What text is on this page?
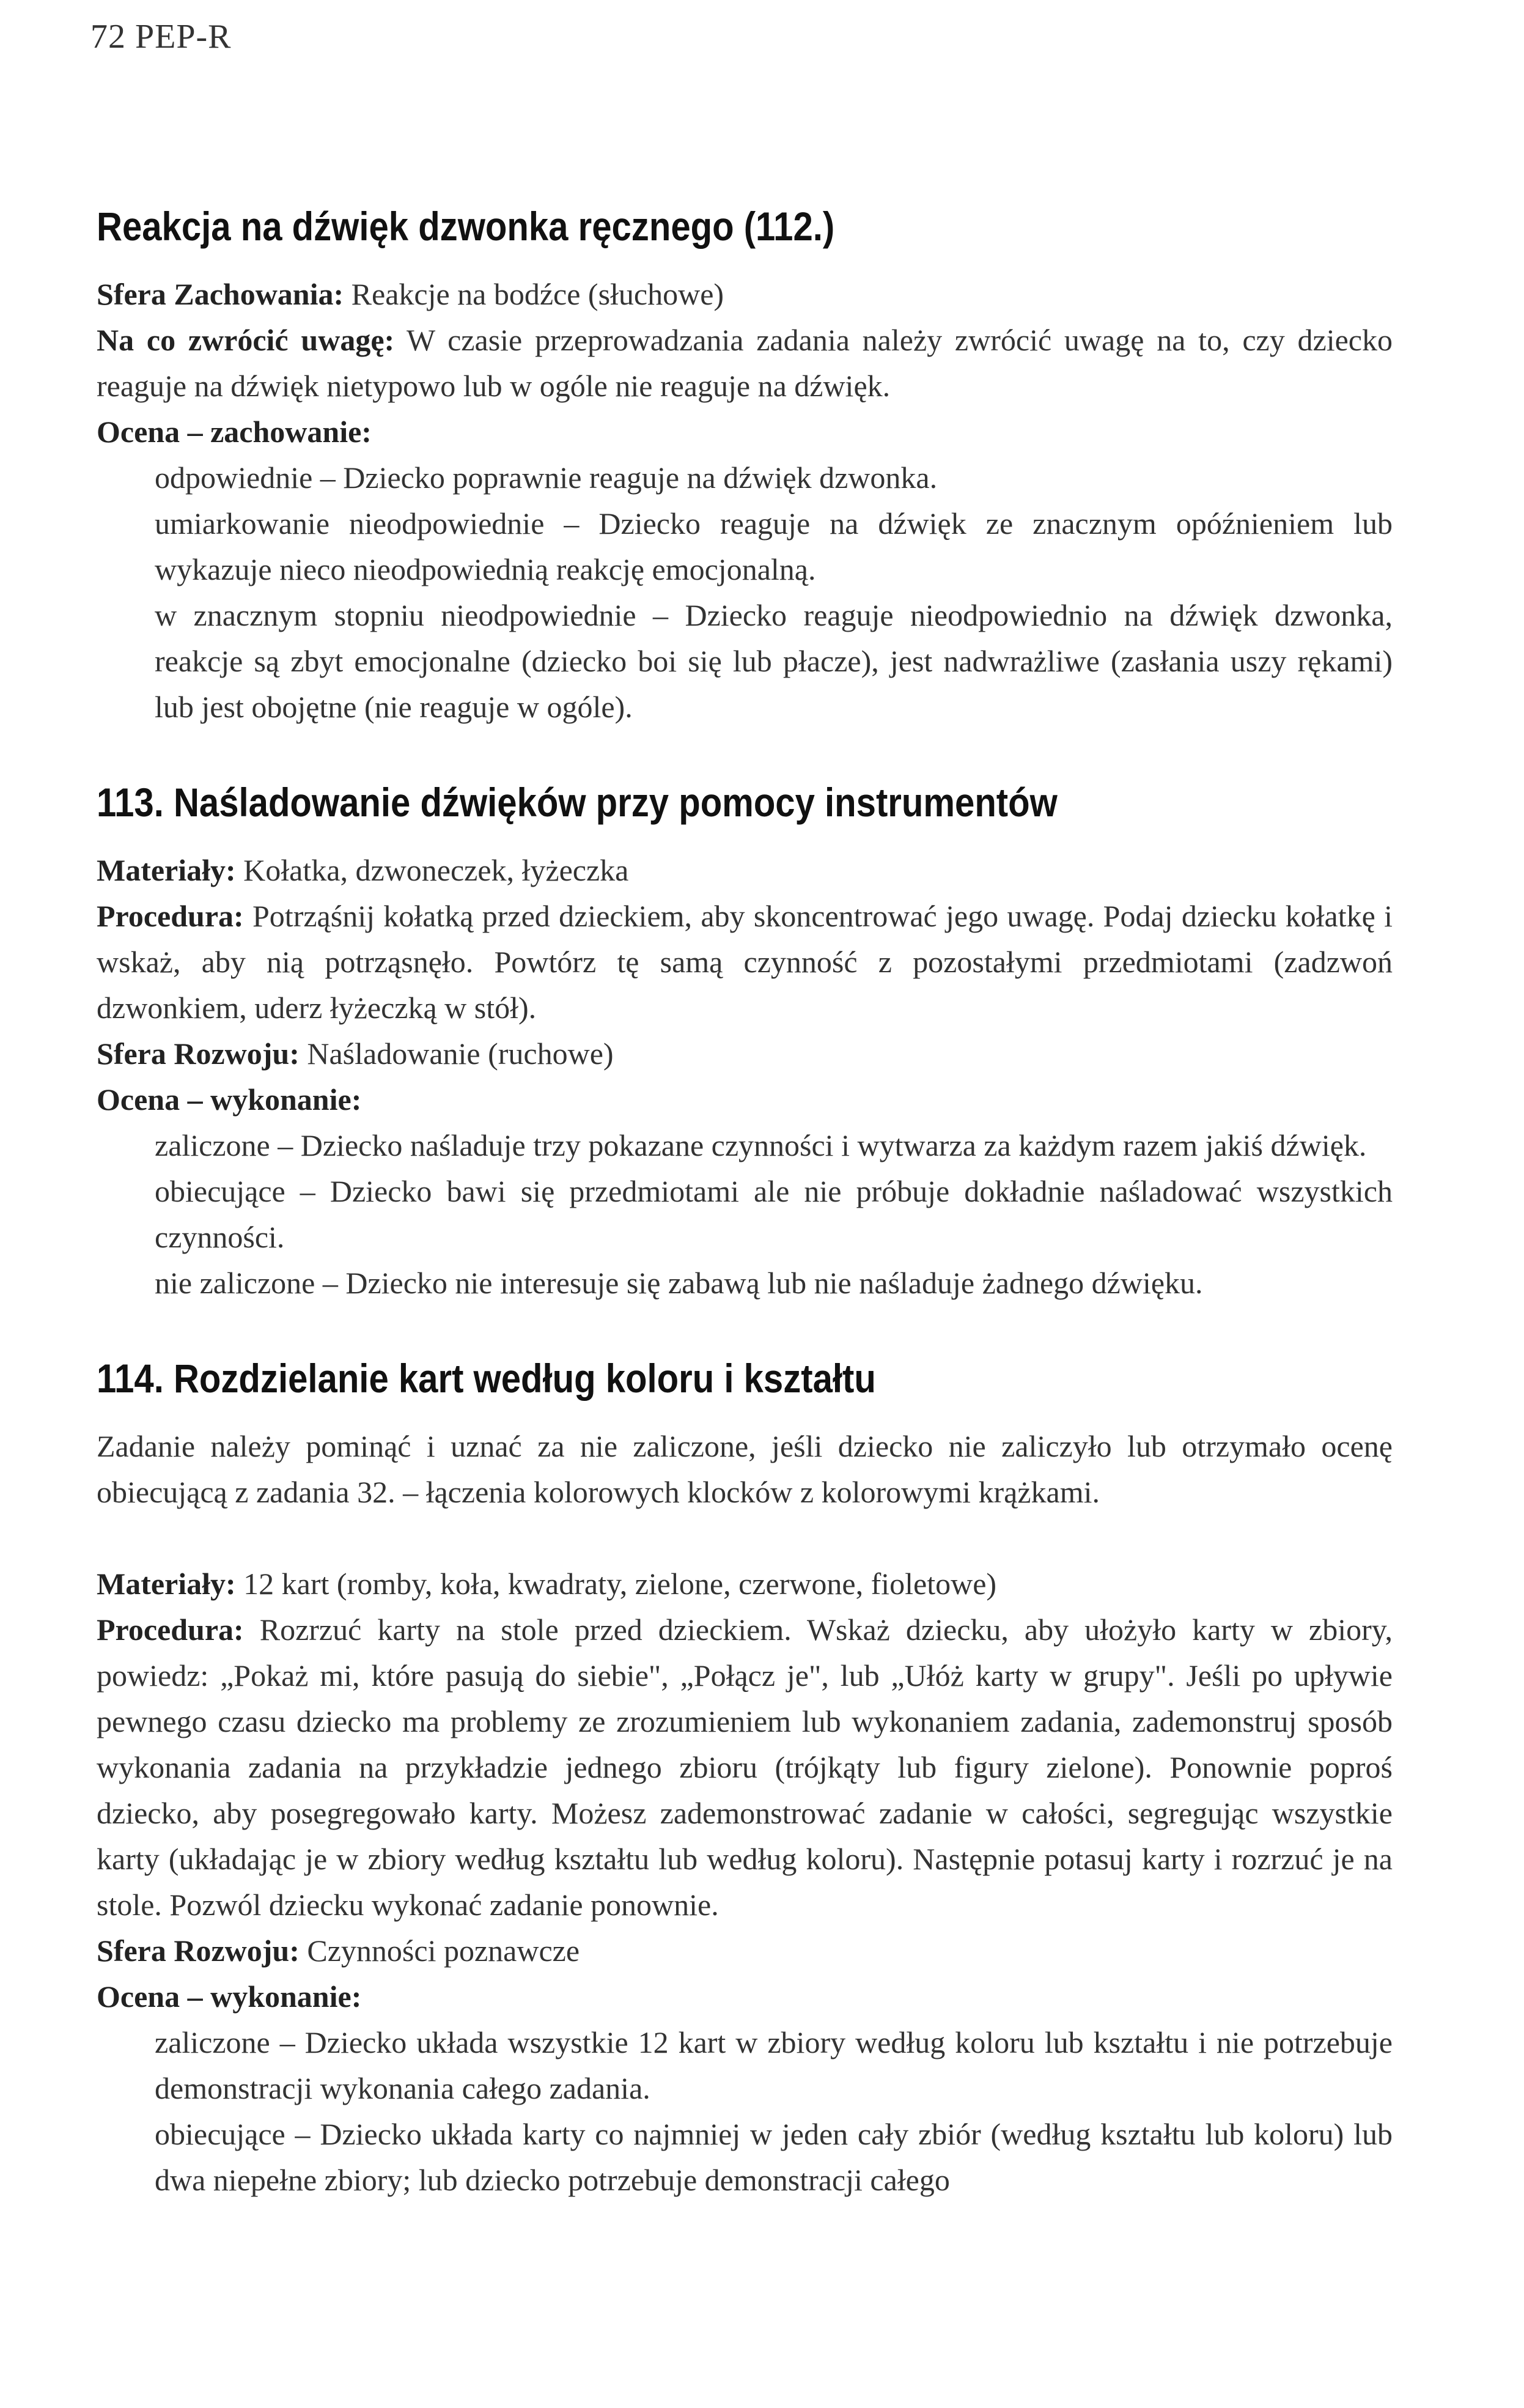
72 PEP-R
Reakcja na dźwięk dzwonka ręcznego (112.)

Sfera Zachowania: Reakcje na bodźce (słuchowe)

Na co zwrócić uwagę: W czasie przeprowadzania zadania należy zwrócić uwagę na to, czy dziecko reaguje na dźwięk nietypowo lub w ogóle nie reaguje na dźwięk.

Ocena – zachowanie:

odpowiednie – Dziecko poprawnie reaguje na dźwięk dzwonka.

umiarkowanie nieodpowiednie – Dziecko reaguje na dźwięk ze znacznym opóźnieniem lub wykazuje nieco nieodpowiednią reakcję emocjonalną.

w znacznym stopniu nieodpowiednie – Dziecko reaguje nieodpowiednio na dźwięk dzwonka, reakcje są zbyt emocjonalne (dziecko boi się lub płacze), jest nadwrażliwe (zasłania uszy rękami) lub jest obojętne (nie reaguje w ogóle).

113. Naśladowanie dźwięków przy pomocy instrumentów

Materiały: Kołatka, dzwoneczek, łyżeczka

Procedura: Potrząśnij kołatką przed dzieckiem, aby skoncentrować jego uwagę. Podaj dziecku kołatkę i wskaż, aby nią potrząsnęło. Powtórz tę samą czynność z pozostałymi przedmiotami (zadzwoń dzwonkiem, uderz łyżeczką w stół).

Sfera Rozwoju: Naśladowanie (ruchowe)

Ocena – wykonanie:

zaliczone – Dziecko naśladuje trzy pokazane czynności i wytwarza za każdym razem jakiś dźwięk.

obiecujące – Dziecko bawi się przedmiotami ale nie próbuje dokładnie naśladować wszystkich czynności.

nie zaliczone – Dziecko nie interesuje się zabawą lub nie naśladuje żadnego dźwięku.

114. Rozdzielanie kart według koloru i kształtu

Zadanie należy pominąć i uznać za nie zaliczone, jeśli dziecko nie zaliczyło lub otrzymało ocenę obiecującą z zadania 32. – łączenia kolorowych klocków z kolorowymi krążkami.

Materiały: 12 kart (romby, koła, kwadraty, zielone, czerwone, fioletowe)

Procedura: Rozrzuć karty na stole przed dzieckiem. Wskaż dziecku, aby ułożyło karty w zbiory, powiedz: „Pokaż mi, które pasują do siebie", „Połącz je", lub „Ułóż karty w grupy". Jeśli po upływie pewnego czasu dziecko ma problemy ze zrozumieniem lub wykonaniem zadania, zademonstruj sposób wykonania zadania na przykładzie jednego zbioru (trójkąty lub figury zielone). Ponownie poproś dziecko, aby posegregowało karty. Możesz zademonstrować zadanie w całości, segregując wszystkie karty (układając je w zbiory według kształtu lub według koloru). Następnie potasuj karty i rozrzuć je na stole. Pozwól dziecku wykonać zadanie ponownie.

Sfera Rozwoju: Czynności poznawcze

Ocena – wykonanie:

zaliczone – Dziecko układa wszystkie 12 kart w zbiory według koloru lub kształtu i nie potrzebuje demonstracji wykonania całego zadania.

obiecujące – Dziecko układa karty co najmniej w jeden cały zbiór (według kształtu lub koloru) lub dwa niepełne zbiory; lub dziecko potrzebuje demonstracji całego
